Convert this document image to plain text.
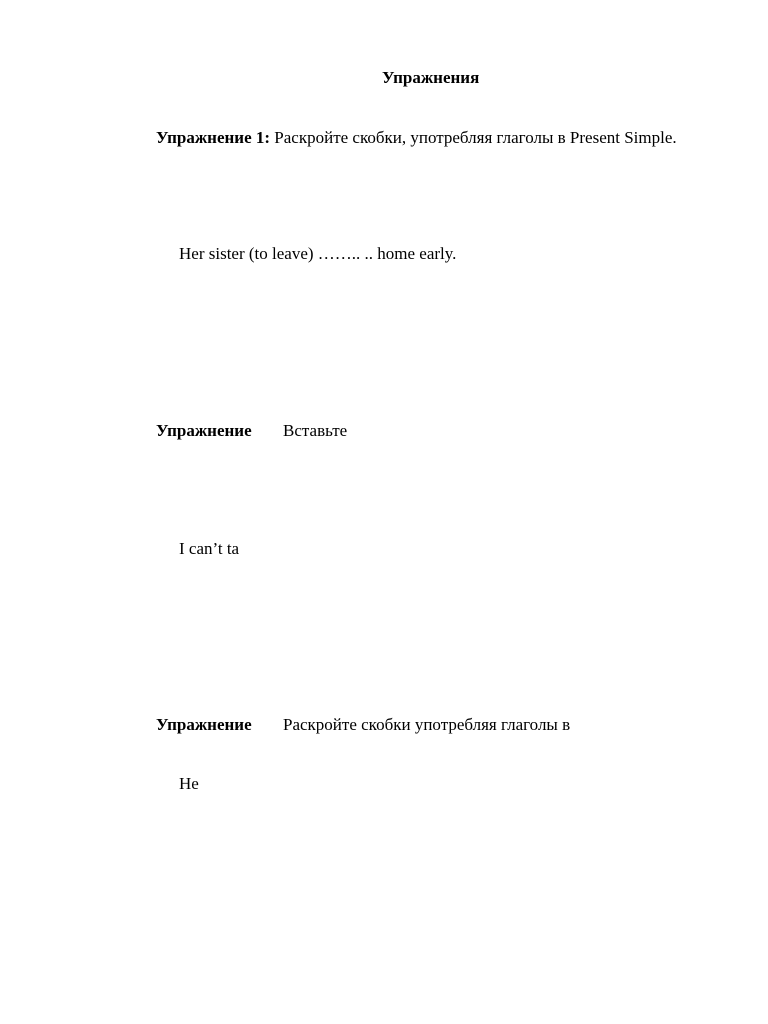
Упражнения
Упражнение 1: Раскройте скобки, употребляя глаголы в Present Simple.
Her sister (to leave) …….. .. home early.
Упражнение Вставьте
I can’t ta
Упражнение Раскройте скобки употребляя глаголы в
He
